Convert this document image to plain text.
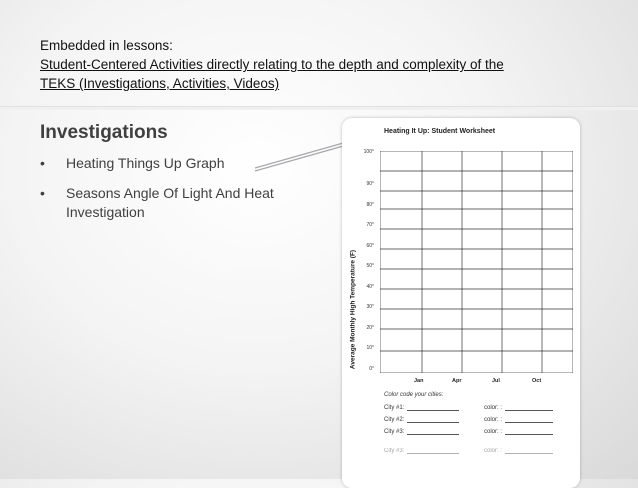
Embedded in lessons:
Student-Centered Activities directly relating to the depth and complexity of the
TEKS (Investigations, Activities, Videos)
Investigations
• Heating Things Up Graph
• Seasons Angle Of Light And Heat Investigation
Heating It Up: Student Worksheet
Average Monthly High Temperature (F)
100°
90°
80°
70°
60°
50°
40°
30°
20°
10°
0°
Jan	Apr	Jul	Oct
Color code your cities:
City #1:	color: :
City #2:	color: :
City #3:	color: :
City #3:	color: :
